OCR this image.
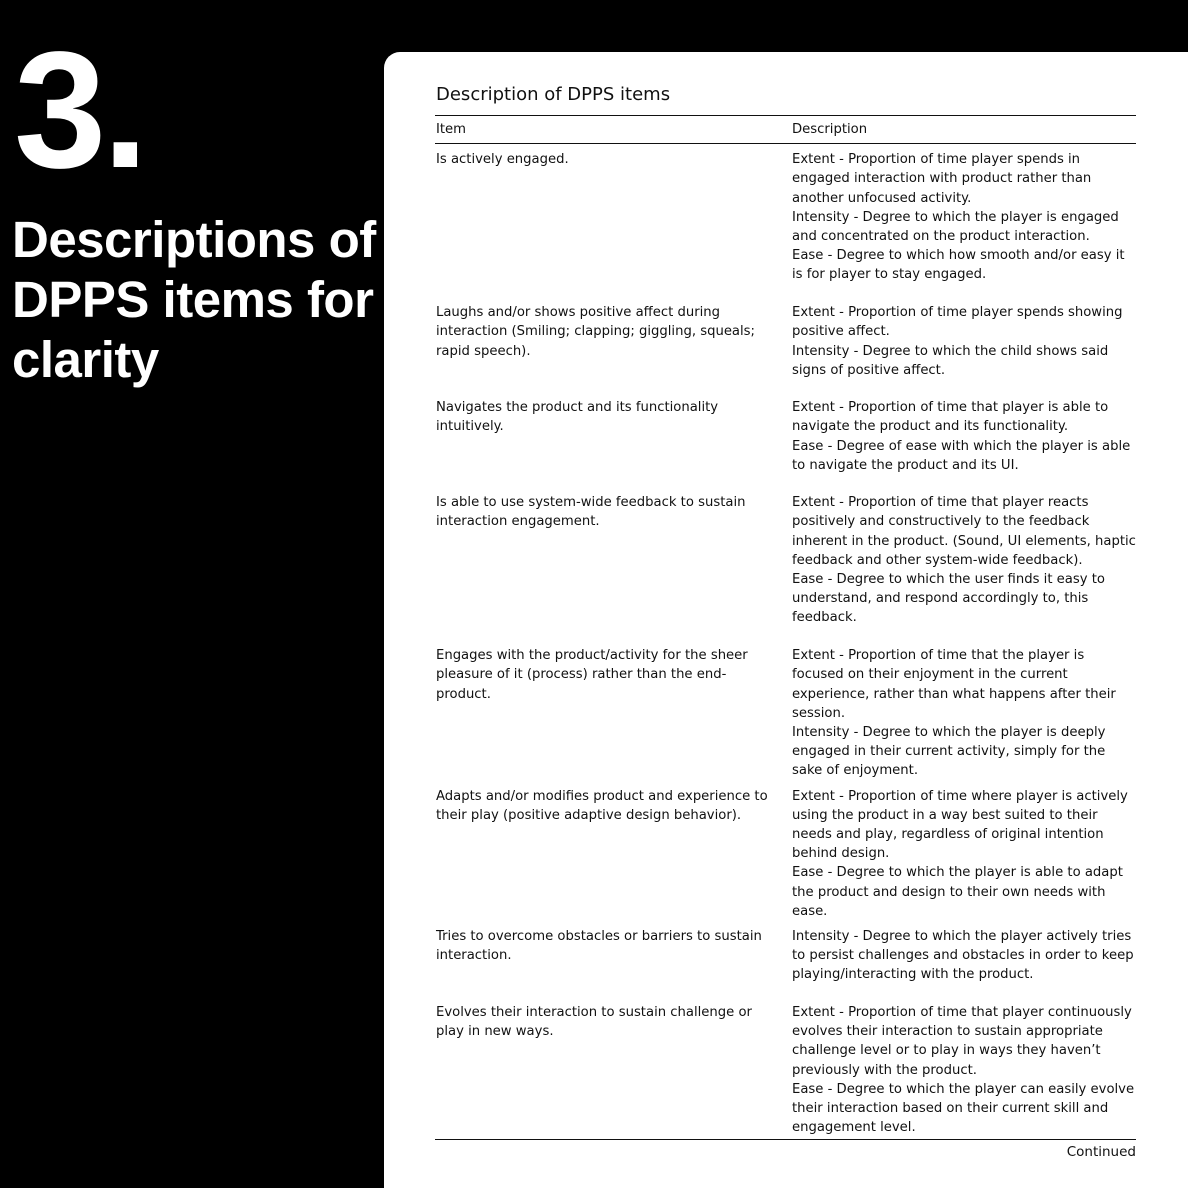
3.
Descriptions of DPPS items for clarity

Description of DPPS items

Item	Description
Is actively engaged.	Extent - Proportion of time player spends in engaged interaction with product rather than another unfocused activity.
Intensity - Degree to which the player is engaged and concentrated on the product interaction.
Ease - Degree to which how smooth and/or easy it is for player to stay engaged.

Laughs and/or shows positive affect during interaction (Smiling; clapping; giggling, squeals; rapid speech).	Extent - Proportion of time player spends showing positive affect.
Intensity - Degree to which the child shows said signs of positive affect.

Navigates the product and its functionality intuitively.	Extent - Proportion of time that player is able to navigate the product and its functionality.
Ease - Degree of ease with which the player is able to navigate the product and its UI.

Is able to use system-wide feedback to sustain interaction engagement.	Extent - Proportion of time that player reacts positively and constructively to the feedback inherent in the product. (Sound, UI elements, haptic feedback and other system-wide feedback).
Ease - Degree to which the user finds it easy to understand, and respond accordingly to, this feedback.

Engages with the product/activity for the sheer pleasure of it (process) rather than the end-product.	Extent - Proportion of time that the player is focused on their enjoyment in the current experience, rather than what happens after their session.
Intensity - Degree to which the player is deeply engaged in their current activity, simply for the sake of enjoyment.

Adapts and/or modifies product and experience to their play (positive adaptive design behavior).	Extent - Proportion of time where player is actively using the product in a way best suited to their needs and play, regardless of original intention behind design.
Ease - Degree to which the player is able to adapt the product and design to their own needs with ease.

Tries to overcome obstacles or barriers to sustain interaction.	Intensity - Degree to which the player actively tries to persist challenges and obstacles in order to keep playing/interacting with the product.

Evolves their interaction to sustain challenge or play in new ways.	Extent - Proportion of time that player continuously evolves their interaction to sustain appropriate challenge level or to play in ways they haven’t previously with the product.
Ease - Degree to which the player can easily evolve their interaction based on their current skill and engagement level.
Continued
